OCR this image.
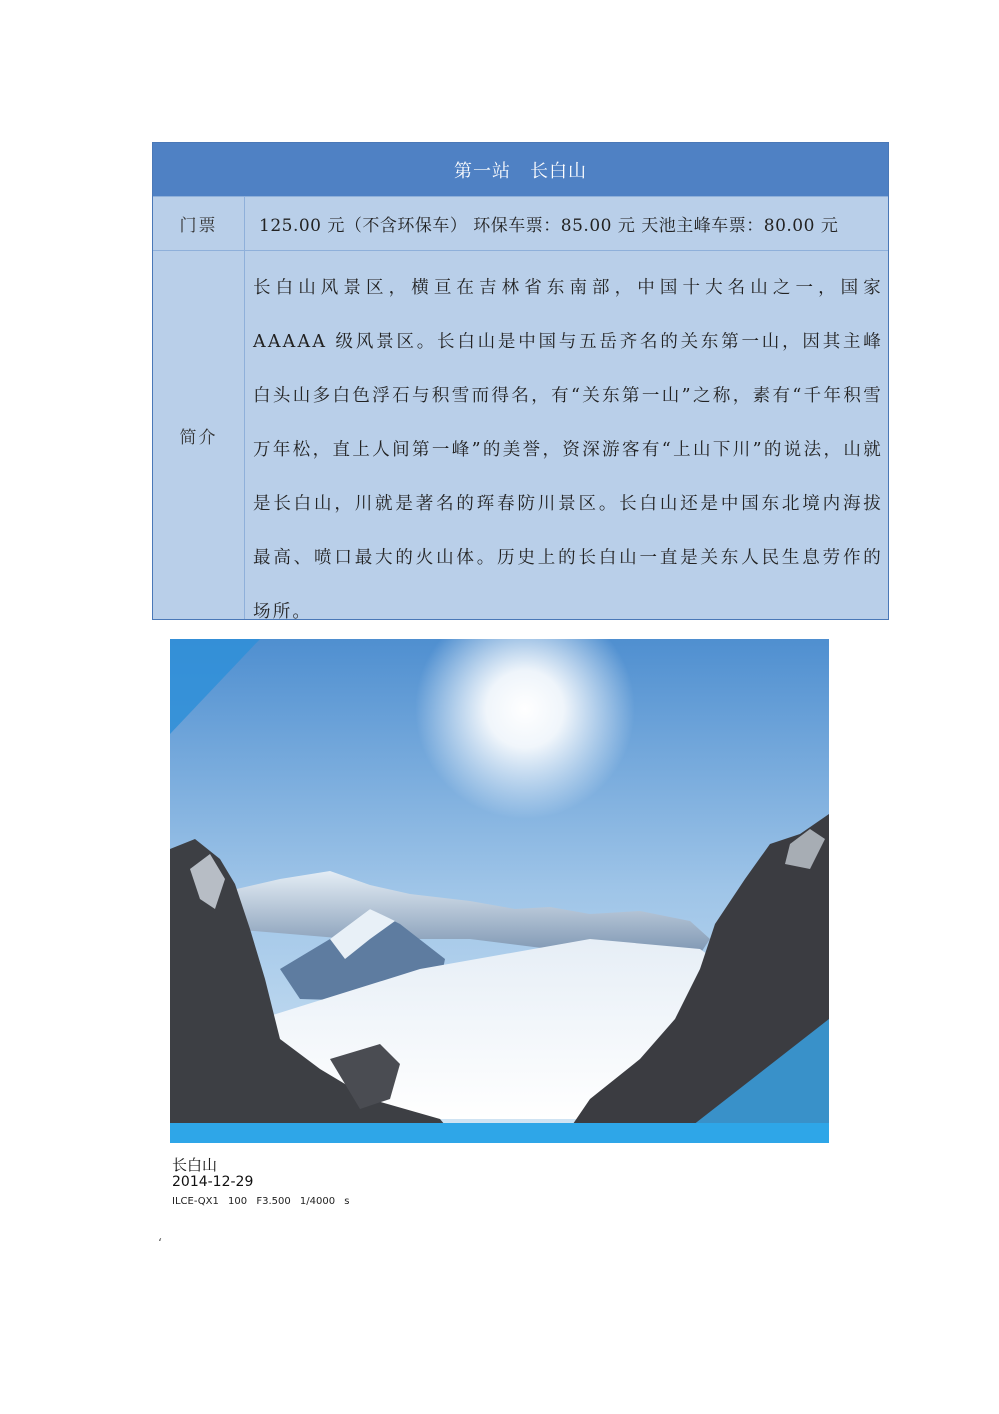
第一站　长白山
门票	125.00 元（不含环保车） 环保车票：85.00 元 天池主峰车票：80.00 元
简介
长白山风景区，横亘在吉林省东南部，中国十大名山之一，国家 AAAAA 级风景区。长白山是中国与五岳齐名的关东第一山，因其主峰白头山多白色浮石与积雪而得名，有“关东第一山”之称，素有“千年积雪万年松，直上人间第一峰”的美誉，资深游客有“上山下川”的说法，山就是长白山，川就是著名的珲春防川景区。长白山还是中国东北境内海拔最高、喷口最大的火山体。历史上的长白山一直是关东人民生息劳作的场所。
长白山
2014-12-29
ILCE-QX1 100 F3.500 1/4000 s
‘
